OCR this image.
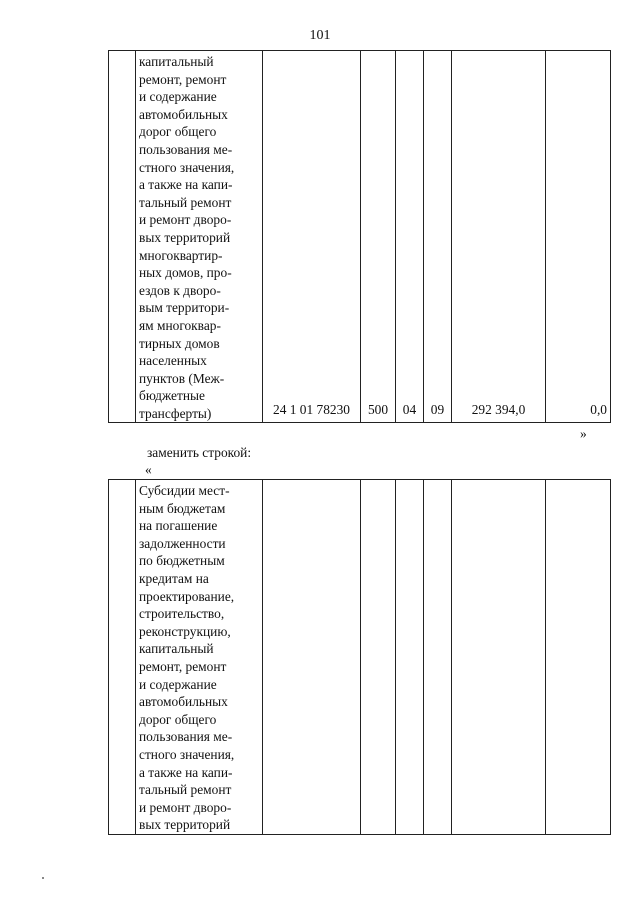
101

капитальный
ремонт, ремонт
и содержание
автомобильных
дорог общего
пользования ме-
стного значения,
а также на капи-
тальный ремонт
и ремонт дворо-
вых территорий
многоквартир-
ных домов, про-
ездов к дворо-
вым территори-
ям многоквар-
тирных домов
населенных
пунктов (Меж-
бюджетные
трансферты)	24 1 01 78230	500	04	09	292 394,0	0,0
»
заменить строкой:
«

Субсидии мест-
ным бюджетам
на погашение
задолженности
по бюджетным
кредитам на
проектирование,
строительство,
реконструкцию,
капитальный
ремонт, ремонт
и содержание
автомобильных
дорог общего
пользования ме-
стного значения,
а также на капи-
тальный ремонт
и ремонт дворо-
вых территорий
